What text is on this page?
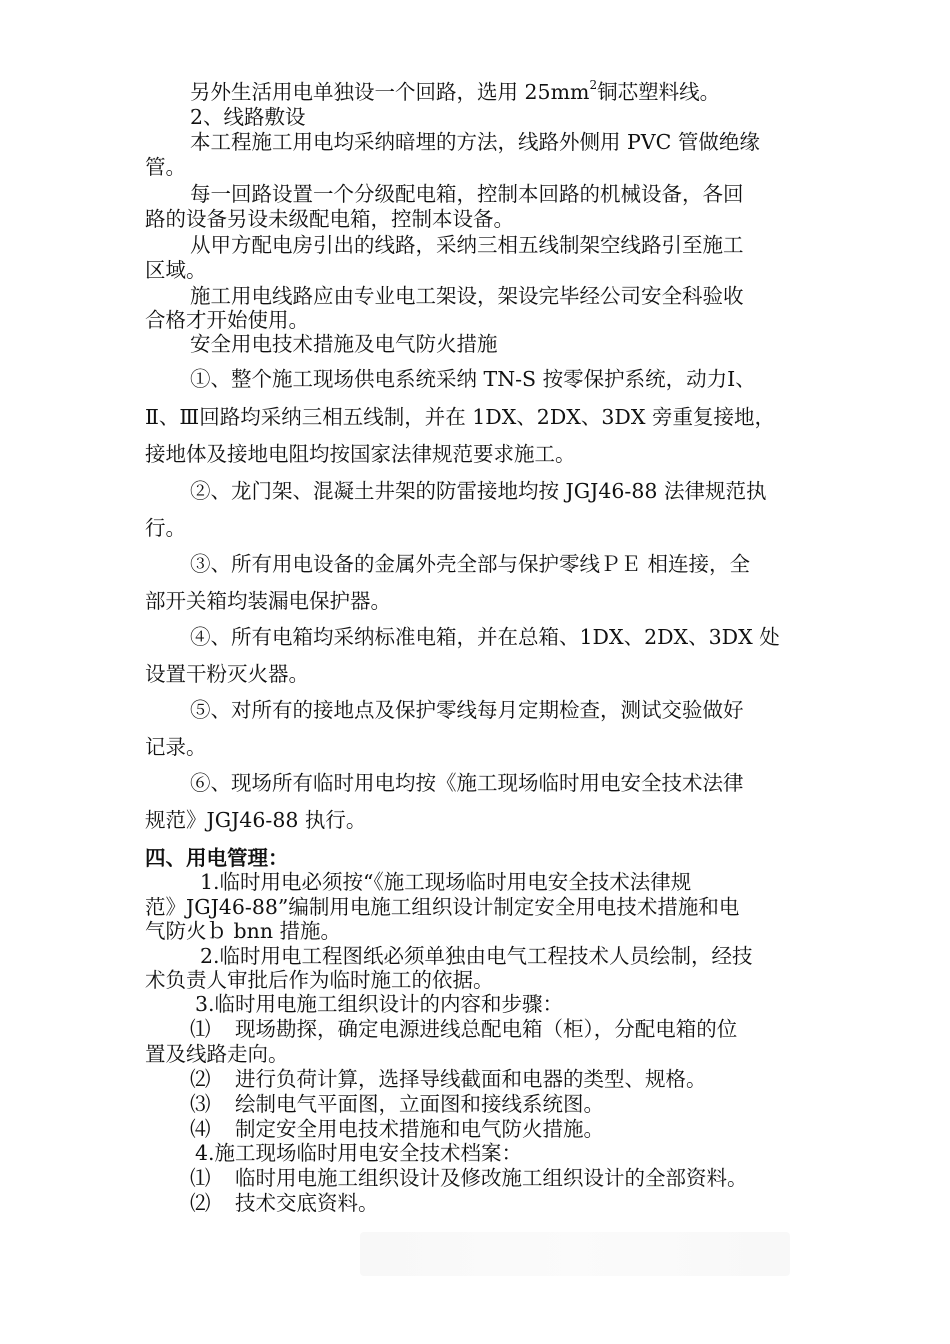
另外生活用电单独设一个回路，选用 $25mm^2$铜芯塑料线。
2、线路敷设
本工程施工用电均采纳暗埋的方法，线路外侧用 PVC 管做绝缘
管。
每一回路设置一个分级配电箱，控制本回路的机械设备，各回
路的设备另设未级配电箱，控制本设备。
从甲方配电房引出的线路，采纳三相五线制架空线路引至施工
区域。
施工用电线路应由专业电工架设，架设完毕经公司安全科验收
合格才开始使用。
安全用电技术措施及电气防火措施
①、整个施工现场供电系统采纳 TN-S 按零保护系统，动力Ⅰ、
Ⅱ、Ⅲ回路均采纳三相五线制，并在 1DX、2DX、3DX 旁重复接地，
接地体及接地电阻均按国家法律规范要求施工。
②、龙门架、混凝土井架的防雷接地均按 JGJ46-88 法律规范执
行。
③、所有用电设备的金属外壳全部与保护零线ＰＥ 相连接，全
部开关箱均装漏电保护器。
④、所有电箱均采纳标准电箱，并在总箱、1DX、2DX、3DX 处
设置干粉灭火器。
⑤、对所有的接地点及保护零线每月定期检查，测试交验做好
记录。
⑥、现场所有临时用电均按《施工现场临时用电安全技术法律
规范》JGJ46-88 执行。
四、用电管理：
1.临时用电必须按“《施工现场临时用电安全技术法律规
范》JGJ46-88”编制用电施工组织设计制定安全用电技术措施和电
气防火ｂ bnn 措施。
2.临时用电工程图纸必须单独由电气工程技术人员绘制，经技
术负责人审批后作为临时施工的依据。
3.临时用电施工组织设计的内容和步骤：
⑴ 现场勘探，确定电源进线总配电箱（柜），分配电箱的位
置及线路走向。
⑵ 进行负荷计算，选择导线截面和电器的类型、规格。
⑶ 绘制电气平面图，立面图和接线系统图。
⑷ 制定安全用电技术措施和电气防火措施。
4.施工现场临时用电安全技术档案：
⑴ 临时用电施工组织设计及修改施工组织设计的全部资料。
⑵ 技术交底资料。
